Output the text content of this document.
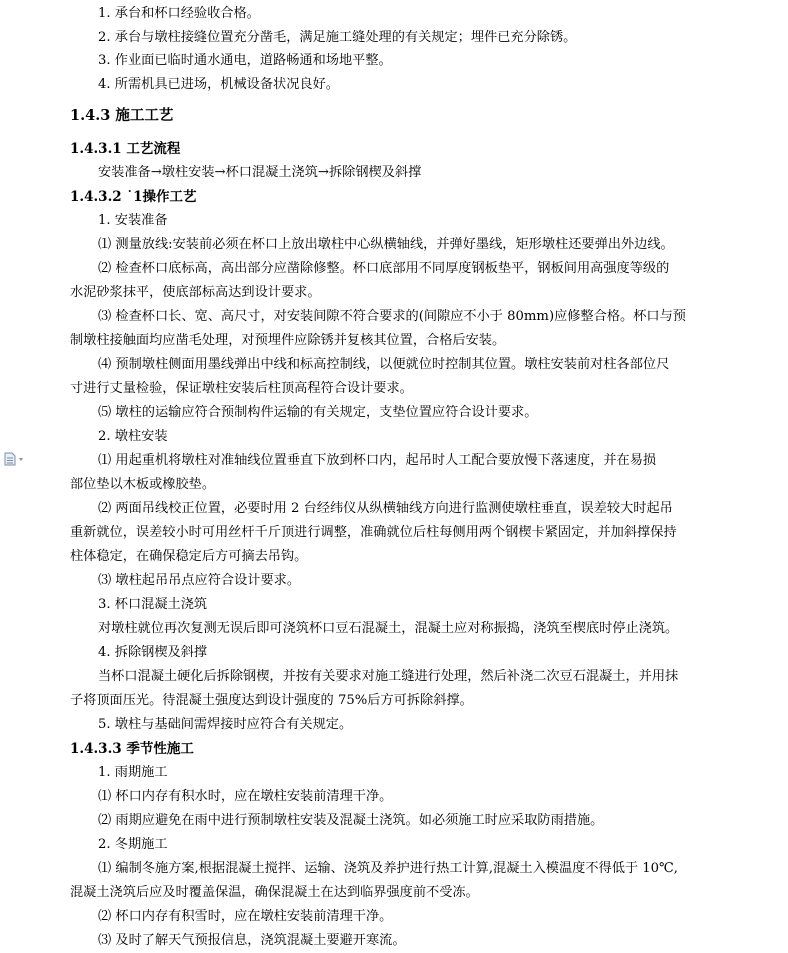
1. 承台和杯口经验收合格。
2. 承台与墩柱接缝位置充分凿毛，满足施工缝处理的有关规定；埋件已充分除锈。
3. 作业面已临时通水通电，道路畅通和场地平整。
4. 所需机具已进场，机械设备状况良好。
1.4.3 施工工艺
1.4.3.1 工艺流程
安装准备→墩柱安装→杯口混凝土浇筑→拆除钢楔及斜撑
1.4.3.2 ˙1操作工艺
1. 安装准备
⑴ 测量放线:安装前必须在杯口上放出墩柱中心纵横轴线，并弹好墨线，矩形墩柱还要弹出外边线。
⑵ 检查杯口底标高，高出部分应凿除修整。杯口底部用不同厚度钢板垫平，钢板间用高强度等级的
水泥砂浆抹平，使底部标高达到设计要求。
⑶ 检查杯口长、宽、高尺寸，对安装间隙不符合要求的(间隙应不小于 80mm)应修整合格。杯口与预
制墩柱接触面均应凿毛处理，对预埋件应除锈并复核其位置，合格后安装。
⑷ 预制墩柱侧面用墨线弹出中线和标高控制线，以便就位时控制其位置。墩柱安装前对柱各部位尺
寸进行丈量检验，保证墩柱安装后柱顶高程符合设计要求。
⑸ 墩柱的运输应符合预制构件运输的有关规定，支垫位置应符合设计要求。
2. 墩柱安装
⑴ 用起重机将墩柱对准轴线位置垂直下放到杯口内，起吊时人工配合要放慢下落速度，并在易损
部位垫以木板或橡胶垫。
⑵ 两面吊线校正位置，必要时用 2 台经纬仪从纵横轴线方向进行监测使墩柱垂直，误差较大时起吊
重新就位，误差较小时可用丝杆千斤顶进行调整，准确就位后柱每侧用两个钢楔卡紧固定，并加斜撑保持
柱体稳定，在确保稳定后方可摘去吊钩。
⑶ 墩柱起吊吊点应符合设计要求。
3. 杯口混凝土浇筑
对墩柱就位再次复测无误后即可浇筑杯口豆石混凝土，混凝土应对称振捣，浇筑至楔底时停止浇筑。
4. 拆除钢楔及斜撑
当杯口混凝土硬化后拆除钢楔，并按有关要求对施工缝进行处理，然后补浇二次豆石混凝土，并用抹
子将顶面压光。待混凝土强度达到设计强度的 75%后方可拆除斜撑。
5. 墩柱与基础间需焊接时应符合有关规定。
1.4.3.3 季节性施工
1. 雨期施工
⑴ 杯口内存有积水时，应在墩柱安装前清理干净。
⑵ 雨期应避免在雨中进行预制墩柱安装及混凝土浇筑。如必须施工时应采取防雨措施。
2. 冬期施工
⑴ 编制冬施方案,根据混凝土搅拌、运输、浇筑及养护进行热工计算,混凝土入模温度不得低于 10℃,
混凝土浇筑后应及时覆盖保温，确保混凝土在达到临界强度前不受冻。
⑵ 杯口内存有积雪时，应在墩柱安装前清理干净。
⑶ 及时了解天气预报信息，浇筑混凝土要避开寒流。
